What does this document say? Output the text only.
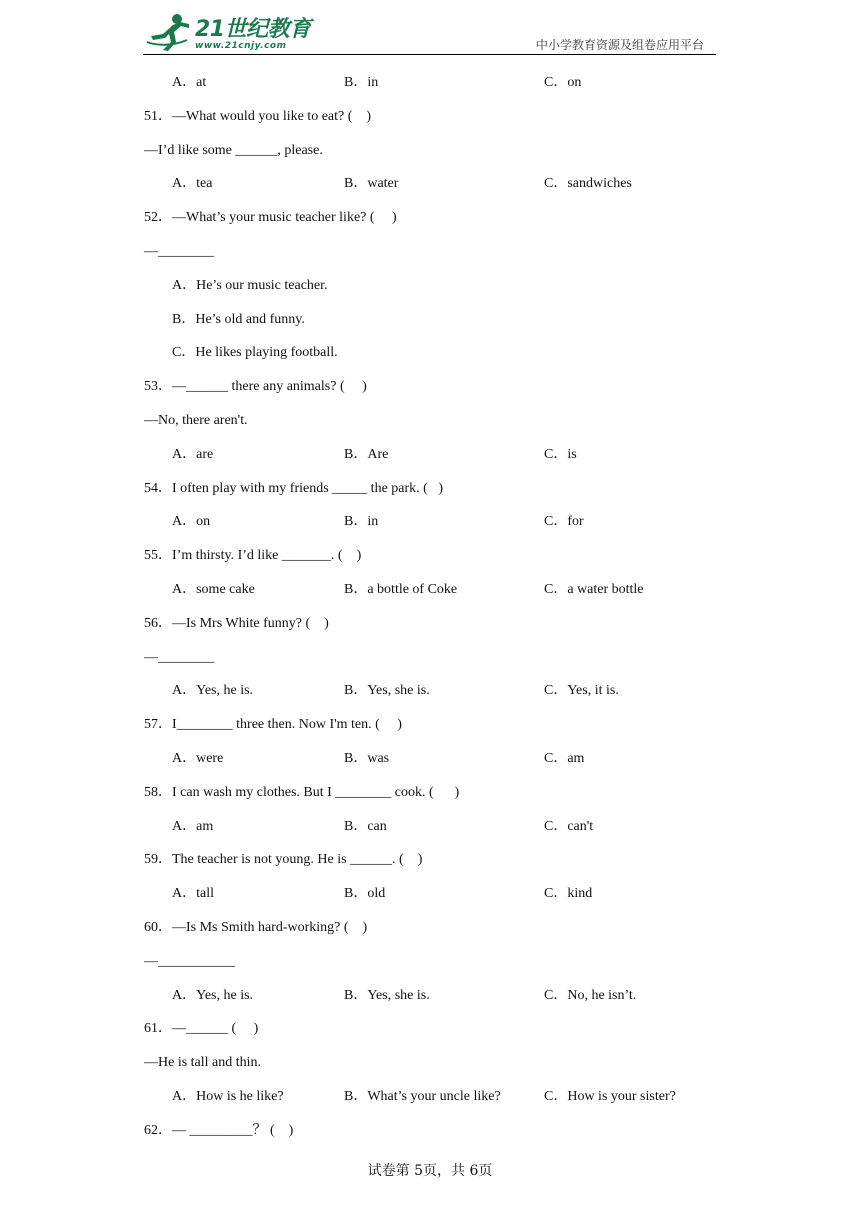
21世纪教育
www.21cnjy.com	中小学教育资源及组卷应用平台
A．at	B．in	C．on
51．—What would you like to eat? (    )
—I’d like some ______, please.
A．tea	B．water	C．sandwiches
52．—What’s your music teacher like? (     )
—________
A．He’s our music teacher.
B．He’s old and funny.
C．He likes playing football.
53．—______ there any animals? (     )
—No, there aren't.
A．are	B．Are	C．is
54．I often play with my friends _____ the park. (   )
A．on	B．in	C．for
55．I’m thirsty. I’d like _______. (    )
A．some cake	B．a bottle of Coke	C．a water bottle
56．—Is Mrs White funny? (    )
—________
A．Yes, he is.	B．Yes, she is.	C．Yes, it is.
57．I________ three then. Now I'm ten. (     )
A．were	B．was	C．am
58．I can wash my clothes. But I ________ cook. (      )
A．am	B．can	C．can't
59．The teacher is not young. He is ______. (    )
A．tall	B．old	C．kind
60．—Is Ms Smith hard-working? (    )
—___________
A．Yes, he is.	B．Yes, she is.	C．No, he isn’t.
61．—______ (     )
—He is tall and thin.
A．How is he like?	B．What’s your uncle like?	C．How is your sister?
62．— _________？ (    )
试卷第 5页，共 6页
